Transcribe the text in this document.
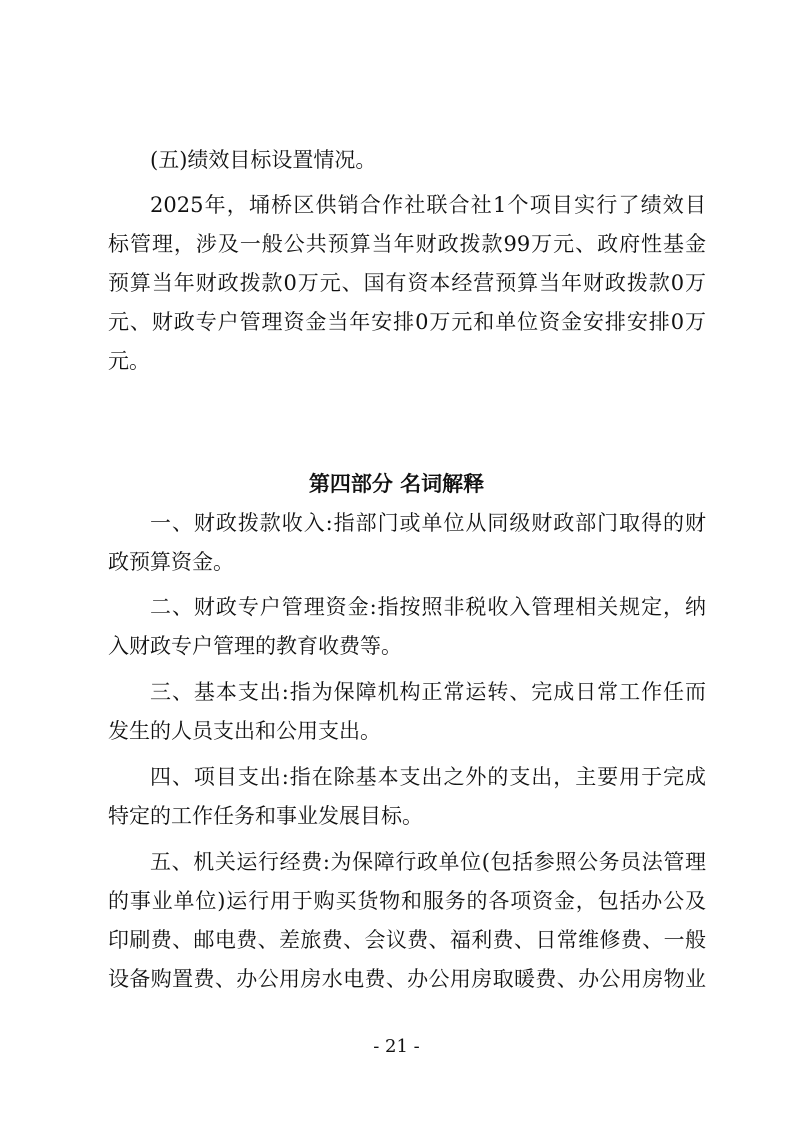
(五)绩效目标设置情况。
2025年，埇桥区供销合作社联合社1个项目实行了绩效目
标管理，涉及一般公共预算当年财政拨款99万元、政府性基金
预算当年财政拨款0万元、国有资本经营预算当年财政拨款0万
元、财政专户管理资金当年安排0万元和单位资金安排安排0万
元。
第四部分 名词解释
一、财政拨款收入:指部门或单位从同级财政部门取得的财
政预算资金。
二、财政专户管理资金:指按照非税收入管理相关规定，纳
入财政专户管理的教育收费等。
三、基本支出:指为保障机构正常运转、完成日常工作任而
发生的人员支出和公用支出。
四、项目支出:指在除基本支出之外的支出，主要用于完成
特定的工作任务和事业发展目标。
五、机关运行经费:为保障行政单位(包括参照公务员法管理
的事业单位)运行用于购买货物和服务的各项资金，包括办公及
印刷费、邮电费、差旅费、会议费、福利费、日常维修费、一般
设备购置费、办公用房水电费、办公用房取暖费、办公用房物业
- 21 -
